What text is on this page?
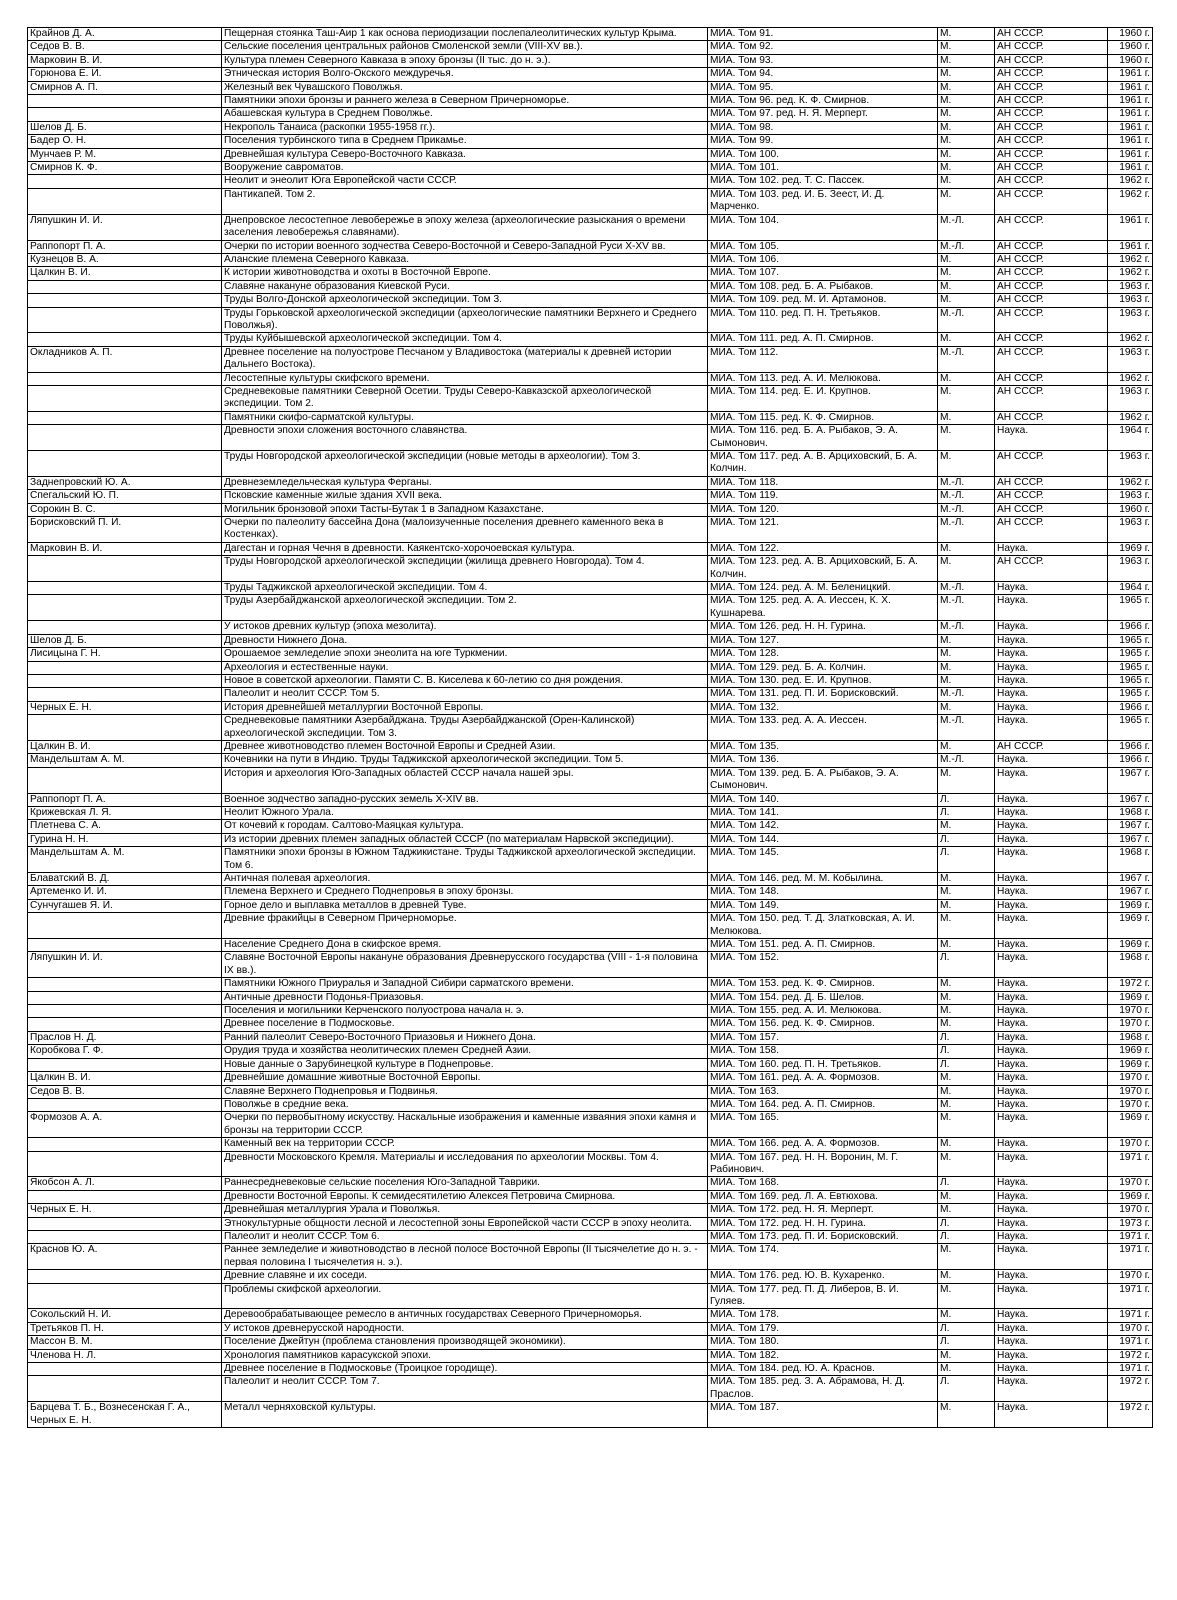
Крайнов Д. А.	Пещерная стоянка Таш-Аир 1 как основа периодизации послепалеолитических культур Крыма.	МИА. Том 91.	М.	АН СССР.	1960 г.
Седов В. В.	Сельские поселения центральных районов Смоленской земли (VIII-XV вв.).	МИА. Том 92.	М.	АН СССР.	1960 г.
Марковин В. И.	Культура племен Северного Кавказа в эпоху бронзы (II тыс. до н. э.).	МИА. Том 93.	М.	АН СССР.	1960 г.
Горюнова Е. И.	Этническая история Волго-Окского междуречья.	МИА. Том 94.	М.	АН СССР.	1961 г.
Смирнов А. П.	Железный век Чувашского Поволжья.	МИА. Том 95.	М.	АН СССР.	1961 г.
	Памятники эпохи бронзы и раннего железа в Северном Причерноморье.	МИА. Том 96. ред. К. Ф. Смирнов.	М.	АН СССР.	1961 г.
	Абашевская культура в Среднем Поволжье.	МИА. Том 97. ред. Н. Я. Мерперт.	М.	АН СССР.	1961 г.
Шелов Д. Б.	Некрополь Танаиса (раскопки 1955-1958 гг.).	МИА. Том 98.	М.	АН СССР.	1961 г.
Бадер О. Н.	Поселения турбинского типа в Среднем Прикамье.	МИА. Том 99.	М.	АН СССР.	1961 г.
Мунчаев Р. М.	Древнейшая культура Северо-Восточного Кавказа.	МИА. Том 100.	М.	АН СССР.	1961 г.
Смирнов К. Ф.	Вооружение савроматов.	МИА. Том 101.	М.	АН СССР.	1961 г.
	Неолит и энеолит Юга Европейской части СССР.	МИА. Том 102. ред. Т. С. Пассек.	М.	АН СССР.	1962 г.
	Пантикапей. Том 2.	МИА. Том 103. ред. И. Б. Зеест, И. Д. Марченко.	М.	АН СССР.	1962 г.
Ляпушкин И. И.	Днепровское лесостепное левобережье в эпоху железа (археологические разыскания о времени заселения левобережья славянами).	МИА. Том 104.	М.-Л.	АН СССР.	1961 г.
Раппопорт П. А.	Очерки по истории военного зодчества Северо-Восточной и Северо-Западной Руси X-XV вв.	МИА. Том 105.	М.-Л.	АН СССР.	1961 г.
Кузнецов В. А.	Аланские племена Северного Кавказа.	МИА. Том 106.	М.	АН СССР.	1962 г.
Цалкин В. И.	К истории животноводства и охоты в Восточной Европе.	МИА. Том 107.	М.	АН СССР.	1962 г.
	Славяне накануне образования Киевской Руси.	МИА. Том 108. ред. Б. А. Рыбаков.	М.	АН СССР.	1963 г.
	Труды Волго-Донской археологической экспедиции. Том 3.	МИА. Том 109. ред. М. И. Артамонов.	М.	АН СССР.	1963 г.
	Труды Горьковской археологической экспедиции (археологические памятники Верхнего и Среднего Поволжья).	МИА. Том 110. ред. П. Н. Третьяков.	М.-Л.	АН СССР.	1963 г.
	Труды Куйбышевской археологической экспедиции. Том 4.	МИА. Том 111. ред. А. П. Смирнов.	М.	АН СССР.	1962 г.
Окладников А. П.	Древнее поселение на полуострове Песчаном у Владивостока (материалы к древней истории Дальнего Востока).	МИА. Том 112.	М.-Л.	АН СССР.	1963 г.
	Лесостепные культуры скифского времени.	МИА. Том 113. ред. А. И. Мелюкова.	М.	АН СССР.	1962 г.
	Средневековые памятники Северной Осетии. Труды Северо-Кавказской археологической экспедиции. Том 2.	МИА. Том 114. ред. Е. И. Крупнов.	М.	АН СССР.	1963 г.
	Памятники скифо-сарматской культуры.	МИА. Том 115. ред. К. Ф. Смирнов.	М.	АН СССР.	1962 г.
	Древности эпохи сложения восточного славянства.	МИА. Том 116. ред. Б. А. Рыбаков, Э. А. Сымонович.	М.	Наука.	1964 г.
	Труды Новгородской археологической экспедиции (новые методы в археологии). Том 3.	МИА. Том 117. ред. А. В. Арциховский, Б. А. Колчин.	М.	АН СССР.	1963 г.
Заднепровский Ю. А.	Древнеземледельческая культура Ферганы.	МИА. Том 118.	М.-Л.	АН СССР.	1962 г.
Спегальский Ю. П.	Псковские каменные жилые здания XVII века.	МИА. Том 119.	М.-Л.	АН СССР.	1963 г.
Сорокин В. С.	Могильник бронзовой эпохи Тасты-Бутак 1 в Западном Казахстане.	МИА. Том 120.	М.-Л.	АН СССР.	1960 г.
Борисковский П. И.	Очерки по палеолиту бассейна Дона (малоизученные поселения древнего каменного века в Костенках).	МИА. Том 121.	М.-Л.	АН СССР.	1963 г.
Марковин В. И.	Дагестан и горная Чечня в древности. Каякентско-хорочоевская культура.	МИА. Том 122.	М.	Наука.	1969 г.
	Труды Новгородской археологической экспедиции (жилища древнего Новгорода). Том 4.	МИА. Том 123. ред. А. В. Арциховский, Б. А. Колчин.	М.	АН СССР.	1963 г.
	Труды Таджикской археологической экспедиции. Том 4.	МИА. Том 124. ред. А. М. Беленицкий.	М.-Л.	Наука.	1964 г.
	Труды Азербайджанской археологической экспедиции. Том 2.	МИА. Том 125. ред. А. А. Иессен, К. Х. Кушнарева.	М.-Л.	Наука.	1965 г.
	У истоков древних культур (эпоха мезолита).	МИА. Том 126. ред. Н. Н. Гурина.	М.-Л.	Наука.	1966 г.
Шелов Д. Б.	Древности Нижнего Дона.	МИА. Том 127.	М.	Наука.	1965 г.
Лисицына Г. Н.	Орошаемое земледелие эпохи энеолита на юге Туркмении.	МИА. Том 128.	М.	Наука.	1965 г.
	Археология и естественные науки.	МИА. Том 129. ред. Б. А. Колчин.	М.	Наука.	1965 г.
	Новое в советской археологии. Памяти С. В. Киселева к 60-летию со дня рождения.	МИА. Том 130. ред. Е. И. Крупнов.	М.	Наука.	1965 г.
	Палеолит и неолит СССР. Том 5.	МИА. Том 131. ред. П. И. Борисковский.	М.-Л.	Наука.	1965 г.
Черных Е. Н.	История древнейшей металлургии Восточной Европы.	МИА. Том 132.	М.	Наука.	1966 г.
	Средневековые памятники Азербайджана. Труды Азербайджанской (Орен-Калинской) археологической экспедиции. Том 3.	МИА. Том 133. ред. А. А. Иессен.	М.-Л.	Наука.	1965 г.
Цалкин В. И.	Древнее животноводство племен Восточной Европы и Средней Азии.	МИА. Том 135.	М.	АН СССР.	1966 г.
Мандельштам А. М.	Кочевники на пути в Индию. Труды Таджикской археологической экспедиции. Том 5.	МИА. Том 136.	М.-Л.	Наука.	1966 г.
	История и археология Юго-Западных областей СССР начала нашей эры.	МИА. Том 139. ред. Б. А. Рыбаков, Э. А. Сымонович.	М.	Наука.	1967 г.
Раппопорт П. А.	Военное зодчество западно-русских земель X-XIV вв.	МИА. Том 140.	Л.	Наука.	1967 г.
Крижевская Л. Я.	Неолит Южного Урала.	МИА. Том 141.	Л.	Наука.	1968 г.
Плетнева С. А.	От кочевий к городам. Салтово-Маяцкая культура.	МИА. Том 142.	М.	Наука.	1967 г.
Гурина Н. Н.	Из истории древних племен западных областей СССР (по материалам Нарвской экспедиции).	МИА. Том 144.	Л.	Наука.	1967 г.
Мандельштам А. М.	Памятники эпохи бронзы в Южном Таджикистане. Труды Таджикской археологической экспедиции. Том 6.	МИА. Том 145.	Л.	Наука.	1968 г.
Блаватский В. Д.	Античная полевая археология.	МИА. Том 146. ред. М. М. Кобылина.	М.	Наука.	1967 г.
Артеменко И. И.	Племена Верхнего и Среднего Поднепровья в эпоху бронзы.	МИА. Том 148.	М.	Наука.	1967 г.
Сунчугашев Я. И.	Горное дело и выплавка металлов в древней Туве.	МИА. Том 149.	М.	Наука.	1969 г.
	Древние фракийцы в Северном Причерноморье.	МИА. Том 150. ред. Т. Д. Златковская, А. И. Мелюкова.	М.	Наука.	1969 г.
	Население Среднего Дона в скифское время.	МИА. Том 151. ред. А. П. Смирнов.	М.	Наука.	1969 г.
Ляпушкин И. И.	Славяне Восточной Европы накануне образования Древнерусского государства (VIII - 1-я половина IX вв.).	МИА. Том 152.	Л.	Наука.	1968 г.
	Памятники Южного Приуралья и Западной Сибири сарматского времени.	МИА. Том 153. ред. К. Ф. Смирнов.	М.	Наука.	1972 г.
	Античные древности Подонья-Приазовья.	МИА. Том 154. ред. Д. Б. Шелов.	М.	Наука.	1969 г.
	Поселения и могильники Керченского полуострова начала н. э.	МИА. Том 155. ред. А. И. Мелюкова.	М.	Наука.	1970 г.
	Древнее поселение в Подмосковье.	МИА. Том 156. ред. К. Ф. Смирнов.	М.	Наука.	1970 г.
Праслов Н. Д.	Ранний палеолит Северо-Восточного Приазовья и Нижнего Дона.	МИА. Том 157.	Л.	Наука.	1968 г.
Коробкова Г. Ф.	Орудия труда и хозяйства неолитических племен Средней Азии.	МИА. Том 158.	Л.	Наука.	1969 г.
	Новые данные о Зарубинецкой культуре в Поднепровье.	МИА. Том 160. ред. П. Н. Третьяков.	Л.	Наука.	1969 г.
Цалкин В. И.	Древнейшие домашние животные Восточной Европы.	МИА. Том 161. ред. А. А. Формозов.	М.	Наука.	1970 г.
Седов В. В.	Славяне Верхнего Поднепровья и Подвинья.	МИА. Том 163.	М.	Наука.	1970 г.
	Поволжье в средние века.	МИА. Том 164. ред. А. П. Смирнов.	М.	Наука.	1970 г.
Формозов А. А.	Очерки по первобытному искусству. Наскальные изображения и каменные изваяния эпохи камня и бронзы на территории СССР.	МИА. Том 165.	М.	Наука.	1969 г.
	Каменный век на территории СССР.	МИА. Том 166. ред. А. А. Формозов.	М.	Наука.	1970 г.
	Древности Московского Кремля. Материалы и исследования по археологии Москвы. Том 4.	МИА. Том 167. ред. Н. Н. Воронин, М. Г. Рабинович.	М.	Наука.	1971 г.
Якобсон А. Л.	Раннесредневековые сельские поселения Юго-Западной Таврики.	МИА. Том 168.	Л.	Наука.	1970 г.
	Древности Восточной Европы. К семидесятилетию Алексея Петровича Смирнова.	МИА. Том 169. ред. Л. А. Евтюхова.	М.	Наука.	1969 г.
Черных Е. Н.	Древнейшая металлургия Урала и Поволжья.	МИА. Том 172. ред. Н. Я. Мерперт.	М.	Наука.	1970 г.
	Этнокультурные общности лесной и лесостепной зоны Европейской части СССР в эпоху неолита.	МИА. Том 172. ред. Н. Н. Гурина.	Л.	Наука.	1973 г.
	Палеолит и неолит СССР. Том 6.	МИА. Том 173. ред. П. И. Борисковский.	Л.	Наука.	1971 г.
Краснов Ю. А.	Раннее земледелие и животноводство в лесной полосе Восточной Европы (II тысячелетие до н. э. - первая половина I тысячелетия н. э.).	МИА. Том 174.	М.	Наука.	1971 г.
	Древние славяне и их соседи.	МИА. Том 176. ред. Ю. В. Кухаренко.	М.	Наука.	1970 г.
	Проблемы скифской археологии.	МИА. Том 177. ред. П. Д. Либеров, В. И. Гуляев.	М.	Наука.	1971 г.
Сокольский Н. И.	Деревообрабатывающее ремесло в античных государствах Северного Причерноморья.	МИА. Том 178.	М.	Наука.	1971 г.
Третьяков П. Н.	У истоков древнерусской народности.	МИА. Том 179.	Л.	Наука.	1970 г.
Массон В. М.	Поселение Джейтун (проблема становления производящей экономики).	МИА. Том 180.	Л.	Наука.	1971 г.
Членова Н. Л.	Хронология памятников карасукской эпохи.	МИА. Том 182.	М.	Наука.	1972 г.
	Древнее поселение в Подмосковье (Троицкое городище).	МИА. Том 184. ред. Ю. А. Краснов.	М.	Наука.	1971 г.
	Палеолит и неолит СССР. Том 7.	МИА. Том 185. ред. З. А. Абрамова, Н. Д. Праслов.	Л.	Наука.	1972 г.
Барцева Т. Б., Вознесенская Г. А., Черных Е. Н.	Металл черняховской культуры.	МИА. Том 187.	М.	Наука.	1972 г.
